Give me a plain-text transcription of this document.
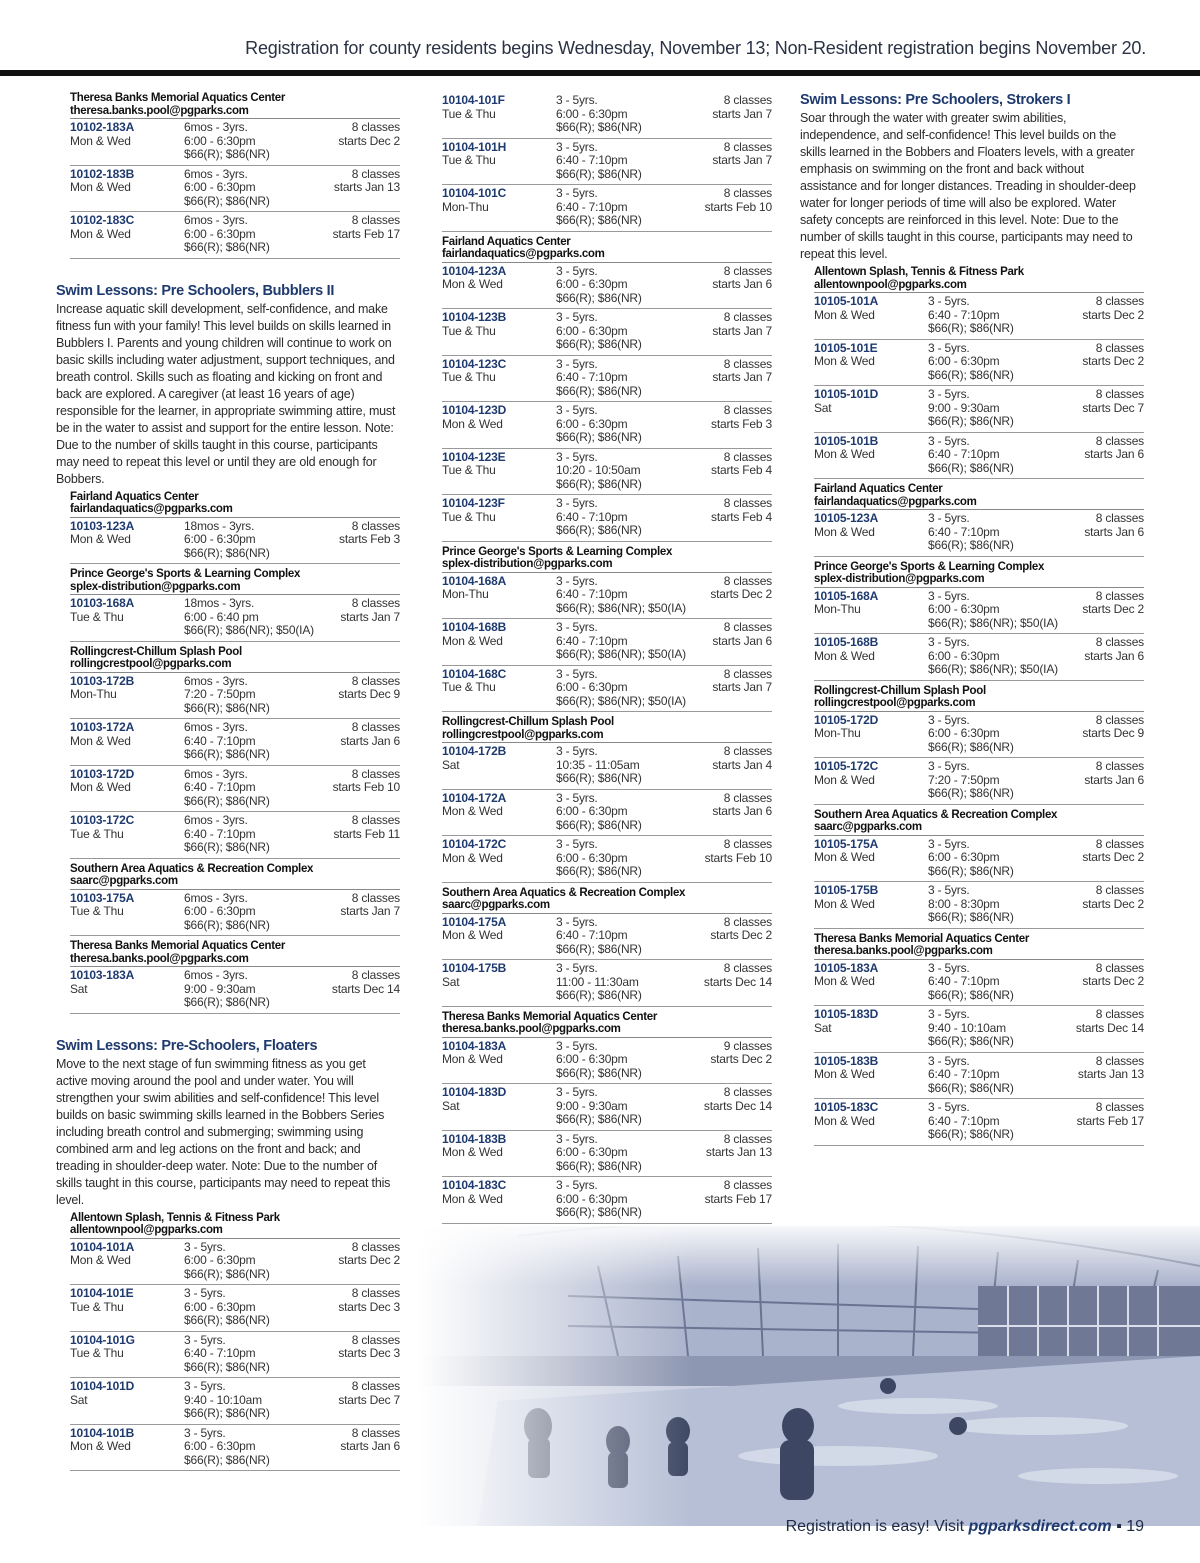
Registration for county residents begins Wednesday, November 13; Non-Resident registration begins November 20.
Theresa Banks Memorial Aquatics Center
theresa.banks.pool@pgparks.com
10102-183A
Mon & Wed
6mos - 3yrs.
6:00 - 6:30pm
$66(R); $86(NR)
8 classes
starts Dec 2
10102-183B
Mon & Wed
6mos - 3yrs.
6:00 - 6:30pm
$66(R); $86(NR)
8 classes
starts Jan 13
10102-183C
Mon & Wed
6mos - 3yrs.
6:00 - 6:30pm
$66(R); $86(NR)
8 classes
starts Feb 17
Swim Lessons: Pre Schoolers, Bubblers II
Increase aquatic skill development, self-confidence, and make fitness fun with your family! This level builds on skills learned in Bubblers I. Parents and young children will continue to work on basic skills including water adjustment, support techniques, and breath control. Skills such as floating and kicking on front and back are explored. A caregiver (at least 16 years of age) responsible for the learner, in appropriate swimming attire, must be in the water to assist and support for the entire lesson. Note: Due to the number of skills taught in this course, participants may need to repeat this level or until they are old enough for Bobbers.
Fairland Aquatics Center
fairlandaquatics@pgparks.com
10103-123A
Mon & Wed
18mos - 3yrs.
6:00 - 6:30pm
$66(R); $86(NR)
8 classes
starts Feb 3
Prince George's Sports & Learning Complex
splex-distribution@pgparks.com
10103-168A
Tue & Thu
18mos - 3yrs.
6:00 - 6:40 pm
$66(R); $86(NR); $50(IA)
8 classes
starts Jan 7
Rollingcrest-Chillum Splash Pool
rollingcrestpool@pgparks.com
10103-172B
Mon-Thu
6mos - 3yrs.
7:20 - 7:50pm
$66(R); $86(NR)
8 classes
starts Dec 9
10103-172A
Mon & Wed
6mos - 3yrs.
6:40 - 7:10pm
$66(R); $86(NR)
8 classes
starts Jan 6
10103-172D
Mon & Wed
6mos - 3yrs.
6:40 - 7:10pm
$66(R); $86(NR)
8 classes
starts Feb 10
10103-172C
Tue & Thu
6mos - 3yrs.
6:40 - 7:10pm
$66(R); $86(NR)
8 classes
starts Feb 11
Southern Area Aquatics & Recreation Complex
saarc@pgparks.com
10103-175A
Tue & Thu
6mos - 3yrs.
6:00 - 6:30pm
$66(R); $86(NR)
8 classes
starts Jan 7
Theresa Banks Memorial Aquatics Center
theresa.banks.pool@pgparks.com
10103-183A
Sat
6mos - 3yrs.
9:00 - 9:30am
$66(R); $86(NR)
8 classes
starts Dec 14
Swim Lessons: Pre-Schoolers, Floaters
Move to the next stage of fun swimming fitness as you get active moving around the pool and under water. You will strengthen your swim abilities and self-confidence! This level builds on basic swimming skills learned in the Bobbers Series including breath control and submerging; swimming using combined arm and leg actions on the front and back; and treading in shoulder-deep water. Note: Due to the number of skills taught in this course, participants may need to repeat this level.
Allentown Splash, Tennis & Fitness Park
allentownpool@pgparks.com
10104-101A
Mon & Wed
3 - 5yrs.
6:00 - 6:30pm
$66(R); $86(NR)
8 classes
starts Dec 2
10104-101E
Tue & Thu
3 - 5yrs.
6:00 - 6:30pm
$66(R); $86(NR)
8 classes
starts Dec 3
10104-101G
Tue & Thu
3 - 5yrs.
6:40 - 7:10pm
$66(R); $86(NR)
8 classes
starts Dec 3
10104-101D
Sat
3 - 5yrs.
9:40 - 10:10am
$66(R); $86(NR)
8 classes
starts Dec 7
10104-101B
Mon & Wed
3 - 5yrs.
6:00 - 6:30pm
$66(R); $86(NR)
8 classes
starts Jan 6
10104-101F
Tue & Thu
3 - 5yrs.
6:00 - 6:30pm
$66(R); $86(NR)
8 classes
starts Jan 7
10104-101H
Tue & Thu
3 - 5yrs.
6:40 - 7:10pm
$66(R); $86(NR)
8 classes
starts Jan 7
10104-101C
Mon-Thu
3 - 5yrs.
6:40 - 7:10pm
$66(R); $86(NR)
8 classes
starts Feb 10
Fairland Aquatics Center
fairlandaquatics@pgparks.com
10104-123A
Mon & Wed
3 - 5yrs.
6:00 - 6:30pm
$66(R); $86(NR)
8 classes
starts Jan 6
10104-123B
Tue & Thu
3 - 5yrs.
6:00 - 6:30pm
$66(R); $86(NR)
8 classes
starts Jan 7
10104-123C
Tue & Thu
3 - 5yrs.
6:40 - 7:10pm
$66(R); $86(NR)
8 classes
starts Jan 7
10104-123D
Mon & Wed
3 - 5yrs.
6:00 - 6:30pm
$66(R); $86(NR)
8 classes
starts Feb 3
10104-123E
Tue & Thu
3 - 5yrs.
10:20 - 10:50am
$66(R); $86(NR)
8 classes
starts Feb 4
10104-123F
Tue & Thu
3 - 5yrs.
6:40 - 7:10pm
$66(R); $86(NR)
8 classes
starts Feb 4
Prince George's Sports & Learning Complex
splex-distribution@pgparks.com
10104-168A
Mon-Thu
3 - 5yrs.
6:40 - 7:10pm
$66(R); $86(NR); $50(IA)
8 classes
starts Dec 2
10104-168B
Mon & Wed
3 - 5yrs.
6:40 - 7:10pm
$66(R); $86(NR); $50(IA)
8 classes
starts Jan 6
10104-168C
Tue & Thu
3 - 5yrs.
6:00 - 6:30pm
$66(R); $86(NR); $50(IA)
8 classes
starts Jan 7
Rollingcrest-Chillum Splash Pool
rollingcrestpool@pgparks.com
10104-172B
Sat
3 - 5yrs.
10:35 - 11:05am
$66(R); $86(NR)
8 classes
starts Jan 4
10104-172A
Mon & Wed
3 - 5yrs.
6:00 - 6:30pm
$66(R); $86(NR)
8 classes
starts Jan 6
10104-172C
Mon & Wed
3 - 5yrs.
6:00 - 6:30pm
$66(R); $86(NR)
8 classes
starts Feb 10
Southern Area Aquatics & Recreation Complex
saarc@pgparks.com
10104-175A
Mon & Wed
3 - 5yrs.
6:40 - 7:10pm
$66(R); $86(NR)
8 classes
starts Dec 2
10104-175B
Sat
3 - 5yrs.
11:00 - 11:30am
$66(R); $86(NR)
8 classes
starts Dec 14
Theresa Banks Memorial Aquatics Center
theresa.banks.pool@pgparks.com
10104-183A
Mon & Wed
3 - 5yrs.
6:00 - 6:30pm
$66(R); $86(NR)
9 classes
starts Dec 2
10104-183D
Sat
3 - 5yrs.
9:00 - 9:30am
$66(R); $86(NR)
8 classes
starts Dec 14
10104-183B
Mon & Wed
3 - 5yrs.
6:00 - 6:30pm
$66(R); $86(NR)
8 classes
starts Jan 13
10104-183C
Mon & Wed
3 - 5yrs.
6:00 - 6:30pm
$66(R); $86(NR)
8 classes
starts Feb 17
Swim Lessons: Pre Schoolers, Strokers I
Soar through the water with greater swim abilities, independence, and self-confidence! This level builds on the skills learned in the Bobbers and Floaters levels, with a greater emphasis on swimming on the front and back without assistance and for longer distances. Treading in shoulder-deep water for longer periods of time will also be explored. Water safety concepts are reinforced in this level. Note: Due to the number of skills taught in this course, participants may need to repeat this level.
Allentown Splash, Tennis & Fitness Park
allentownpool@pgparks.com
10105-101A
Mon & Wed
3 - 5yrs.
6:40 - 7:10pm
$66(R); $86(NR)
8 classes
starts Dec 2
10105-101E
Mon & Wed
3 - 5yrs.
6:00 - 6:30pm
$66(R); $86(NR)
8 classes
starts Dec 2
10105-101D
Sat
3 - 5yrs.
9:00 - 9:30am
$66(R); $86(NR)
8 classes
starts Dec 7
10105-101B
Mon & Wed
3 - 5yrs.
6:40 - 7:10pm
$66(R); $86(NR)
8 classes
starts Jan 6
Fairland Aquatics Center
fairlandaquatics@pgparks.com
10105-123A
Mon & Wed
3 - 5yrs.
6:40 - 7:10pm
$66(R); $86(NR)
8 classes
starts Jan 6
Prince George's Sports & Learning Complex
splex-distribution@pgparks.com
10105-168A
Mon-Thu
3 - 5yrs.
6:00 - 6:30pm
$66(R); $86(NR); $50(IA)
8 classes
starts Dec 2
10105-168B
Mon & Wed
3 - 5yrs.
6:00 - 6:30pm
$66(R); $86(NR); $50(IA)
8 classes
starts Jan 6
Rollingcrest-Chillum Splash Pool
rollingcrestpool@pgparks.com
10105-172D
Mon-Thu
3 - 5yrs.
6:00 - 6:30pm
$66(R); $86(NR)
8 classes
starts Dec 9
10105-172C
Mon & Wed
3 - 5yrs.
7:20 - 7:50pm
$66(R); $86(NR)
8 classes
starts Jan 6
Southern Area Aquatics & Recreation Complex
saarc@pgparks.com
10105-175A
Mon & Wed
3 - 5yrs.
6:00 - 6:30pm
$66(R); $86(NR)
8 classes
starts Dec 2
10105-175B
Mon & Wed
3 - 5yrs.
8:00 - 8:30pm
$66(R); $86(NR)
8 classes
starts Dec 2
Theresa Banks Memorial Aquatics Center
theresa.banks.pool@pgparks.com
10105-183A
Mon & Wed
3 - 5yrs.
6:40 - 7:10pm
$66(R); $86(NR)
8 classes
starts Dec 2
10105-183D
Sat
3 - 5yrs.
9:40 - 10:10am
$66(R); $86(NR)
8 classes
starts Dec 14
10105-183B
Mon & Wed
3 - 5yrs.
6:40 - 7:10pm
$66(R); $86(NR)
8 classes
starts Jan 13
10105-183C
Mon & Wed
3 - 5yrs.
6:40 - 7:10pm
$66(R); $86(NR)
8 classes
starts Feb 17
Registration is easy! Visit pgparksdirect.com ▪ 19
